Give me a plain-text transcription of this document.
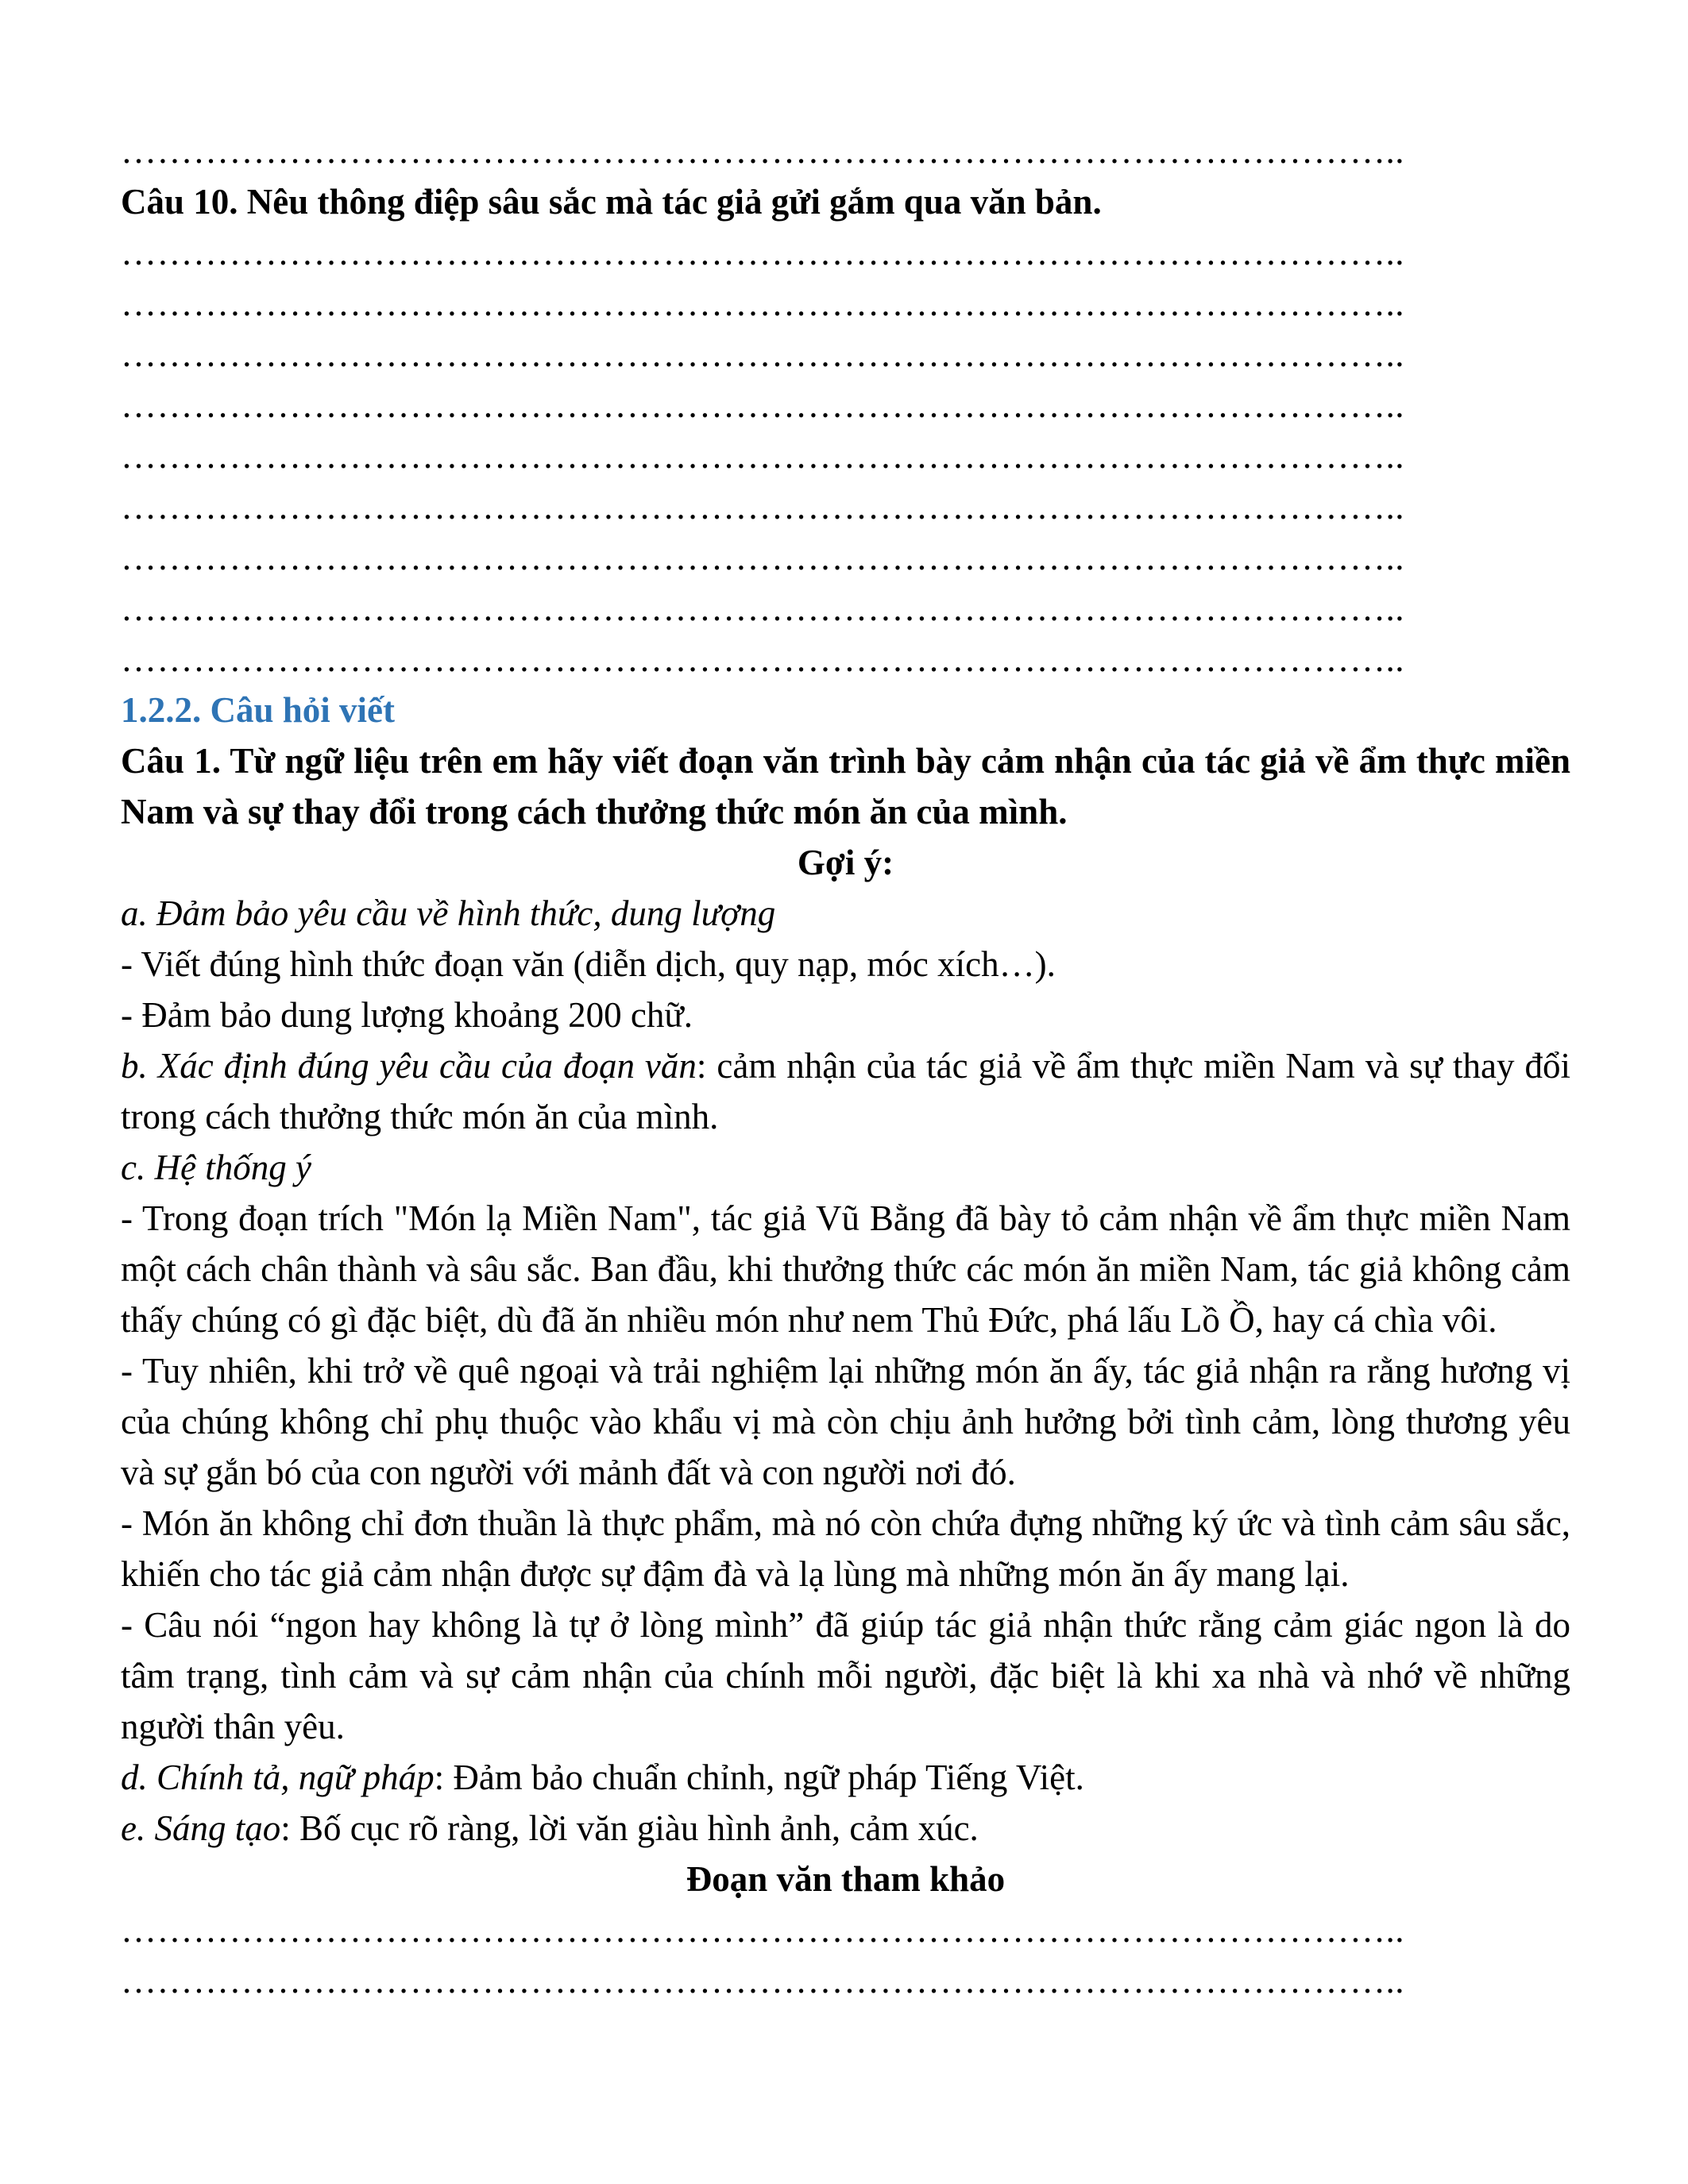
……………………………………………………………………………………………..
Câu 10. Nêu thông điệp sâu sắc mà tác giả gửi gắm qua văn bản.
……………………………………………………………………………………………..
……………………………………………………………………………………………..
……………………………………………………………………………………………..
……………………………………………………………………………………………..
……………………………………………………………………………………………..
……………………………………………………………………………………………..
……………………………………………………………………………………………..
……………………………………………………………………………………………..
……………………………………………………………………………………………..
1.2.2. Câu hỏi viết

Câu 1. Từ ngữ liệu trên em hãy viết đoạn văn trình bày cảm nhận của tác giả về ẩm thực miền Nam và sự thay đổi trong cách thưởng thức món ăn của mình.

Gợi ý:
a. Đảm bảo yêu cầu về hình thức, dung lượng
- Viết đúng hình thức đoạn văn (diễn dịch, quy nạp, móc xích…).
- Đảm bảo dung lượng khoảng 200 chữ.

b. Xác định đúng yêu cầu của đoạn văn: cảm nhận của tác giả về ẩm thực miền Nam và sự thay đổi trong cách thưởng thức món ăn của mình.

c. Hệ thống ý

- Trong đoạn trích "Món lạ Miền Nam", tác giả Vũ Bằng đã bày tỏ cảm nhận về ẩm thực miền Nam một cách chân thành và sâu sắc. Ban đầu, khi thưởng thức các món ăn miền Nam, tác giả không cảm thấy chúng có gì đặc biệt, dù đã ăn nhiều món như nem Thủ Đức, phá lấu Lồ Ồ, hay cá chìa vôi.

- Tuy nhiên, khi trở về quê ngoại và trải nghiệm lại những món ăn ấy, tác giả nhận ra rằng hương vị của chúng không chỉ phụ thuộc vào khẩu vị mà còn chịu ảnh hưởng bởi tình cảm, lòng thương yêu và sự gắn bó của con người với mảnh đất và con người nơi đó.

- Món ăn không chỉ đơn thuần là thực phẩm, mà nó còn chứa đựng những ký ức và tình cảm sâu sắc, khiến cho tác giả cảm nhận được sự đậm đà và lạ lùng mà những món ăn ấy mang lại.

- Câu nói “ngon hay không là tự ở lòng mình” đã giúp tác giả nhận thức rằng cảm giác ngon là do tâm trạng, tình cảm và sự cảm nhận của chính mỗi người, đặc biệt là khi xa nhà và nhớ về những người thân yêu.

d. Chính tả, ngữ pháp: Đảm bảo chuẩn chỉnh, ngữ pháp Tiếng Việt.

e. Sáng tạo: Bố cục rõ ràng, lời văn giàu hình ảnh, cảm xúc.

Đoạn văn tham khảo
……………………………………………………………………………………………..
……………………………………………………………………………………………..
